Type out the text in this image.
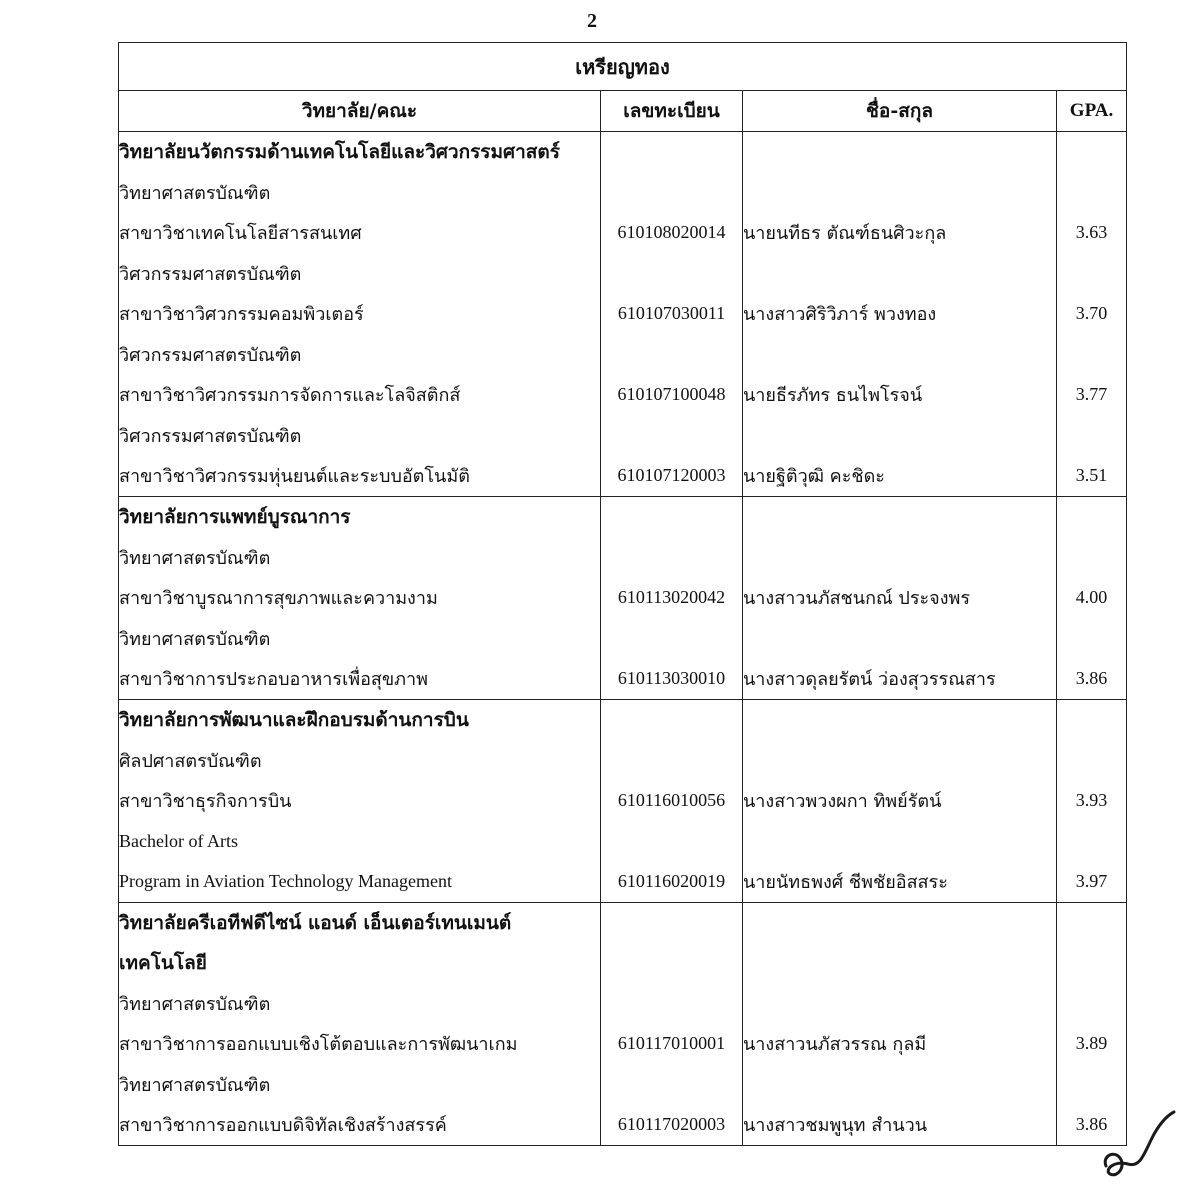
2
เหรียญทอง			
วิทยาลัย/คณะ	เลขทะเบียน	ชื่อ-สกุล	GPA.
วิทยาลัยนวัตกรรมด้านเทคโนโลยีและวิศวกรรมศาสตร์			
วิทยาศาสตรบัณฑิต			
สาขาวิชาเทคโนโลยีสารสนเทศ	610108020014	นายนทีธร ตัณฑ์ธนศิวะกุล	3.63
วิศวกรรมศาสตรบัณฑิต			
สาขาวิชาวิศวกรรมคอมพิวเตอร์	610107030011	นางสาวศิริวิภาร์ พวงทอง	3.70
วิศวกรรมศาสตรบัณฑิต			
สาขาวิชาวิศวกรรมการจัดการและโลจิสติกส์	610107100048	นายธีรภัทร ธนไพโรจน์	3.77
วิศวกรรมศาสตรบัณฑิต			
สาขาวิชาวิศวกรรมหุ่นยนต์และระบบอัตโนมัติ	610107120003	นายฐิติวุฒิ คะชิดะ	3.51
วิทยาลัยการแพทย์บูรณาการ			
วิทยาศาสตรบัณฑิต			
สาขาวิชาบูรณาการสุขภาพและความงาม	610113020042	นางสาวนภัสชนกณ์ ประจงพร	4.00
วิทยาศาสตรบัณฑิต			
สาขาวิชาการประกอบอาหารเพื่อสุขภาพ	610113030010	นางสาวดุลยรัตน์ ว่องสุวรรณสาร	3.86
วิทยาลัยการพัฒนาและฝึกอบรมด้านการบิน			
ศิลปศาสตรบัณฑิต			
สาขาวิชาธุรกิจการบิน	610116010056	นางสาวพวงผกา ทิพย์รัตน์	3.93
Bachelor of Arts			
Program in Aviation Technology Management	610116020019	นายนัทธพงศ์ ชีพชัยอิสสระ	3.97
วิทยาลัยครีเอทีฟดีไซน์ แอนด์ เอ็นเตอร์เทนเมนต์			
เทคโนโลยี			
วิทยาศาสตรบัณฑิต			
สาขาวิชาการออกแบบเชิงโต้ตอบและการพัฒนาเกม	610117010001	นางสาวนภัสวรรณ กุลมี	3.89
วิทยาศาสตรบัณฑิต			
สาขาวิชาการออกแบบดิจิทัลเชิงสร้างสรรค์	610117020003	นางสาวชมพูนุท สำนวน	3.86
